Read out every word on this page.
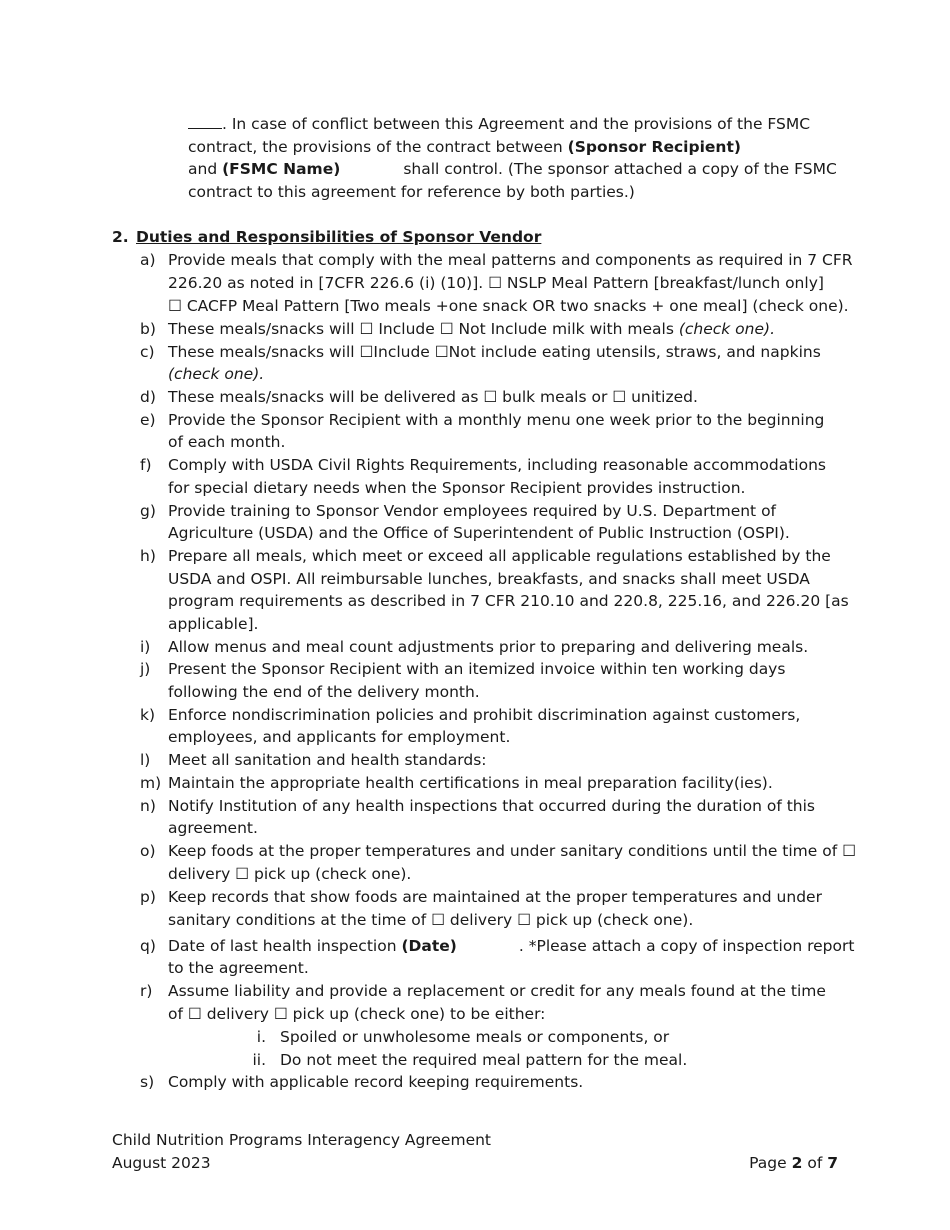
. In case of conflict between this Agreement and the provisions of the FSMC
contract, the provisions of the contract between (Sponsor Recipient)
and (FSMC Name)	shall control. (The sponsor attached a copy of the FSMC
contract to this agreement for reference by both parties.)
2. Duties and Responsibilities of Sponsor Vendor
a) Provide meals that comply with the meal patterns and components as required in 7 CFR
226.20 as noted in [7CFR 226.6 (i) (10)]. ☐ NSLP Meal Pattern [breakfast/lunch only]
☐ CACFP Meal Pattern [Two meals +one snack OR two snacks + one meal] (check one).
b) These meals/snacks will ☐ Include ☐ Not Include milk with meals (check one).
c) These meals/snacks will ☐Include ☐Not include eating utensils, straws, and napkins
(check one).
d) These meals/snacks will be delivered as ☐ bulk meals or ☐ unitized.
e) Provide the Sponsor Recipient with a monthly menu one week prior to the beginning
of each month.
f) Comply with USDA Civil Rights Requirements, including reasonable accommodations
for special dietary needs when the Sponsor Recipient provides instruction.
g) Provide training to Sponsor Vendor employees required by U.S. Department of
Agriculture (USDA) and the Office of Superintendent of Public Instruction (OSPI).
h) Prepare all meals, which meet or exceed all applicable regulations established by the
USDA and OSPI. All reimbursable lunches, breakfasts, and snacks shall meet USDA
program requirements as described in 7 CFR 210.10 and 220.8, 225.16, and 226.20 [as
applicable].
i) Allow menus and meal count adjustments prior to preparing and delivering meals.
j) Present the Sponsor Recipient with an itemized invoice within ten working days
following the end of the delivery month.
k) Enforce nondiscrimination policies and prohibit discrimination against customers,
employees, and applicants for employment.
l) Meet all sanitation and health standards:
m) Maintain the appropriate health certifications in meal preparation facility(ies).
n) Notify Institution of any health inspections that occurred during the duration of this
agreement.
o) Keep foods at the proper temperatures and under sanitary conditions until the time of ☐
delivery ☐ pick up (check one).
p) Keep records that show foods are maintained at the proper temperatures and under
sanitary conditions at the time of ☐ delivery ☐ pick up (check one).
q) Date of last health inspection (Date)	. *Please attach a copy of inspection report
to the agreement.
r) Assume liability and provide a replacement or credit for any meals found at the time
of ☐ delivery ☐ pick up (check one) to be either:
i. Spoiled or unwholesome meals or components, or
ii. Do not meet the required meal pattern for the meal.
s) Comply with applicable record keeping requirements.
Child Nutrition Programs Interagency Agreement
August 2023	Page 2 of 7
